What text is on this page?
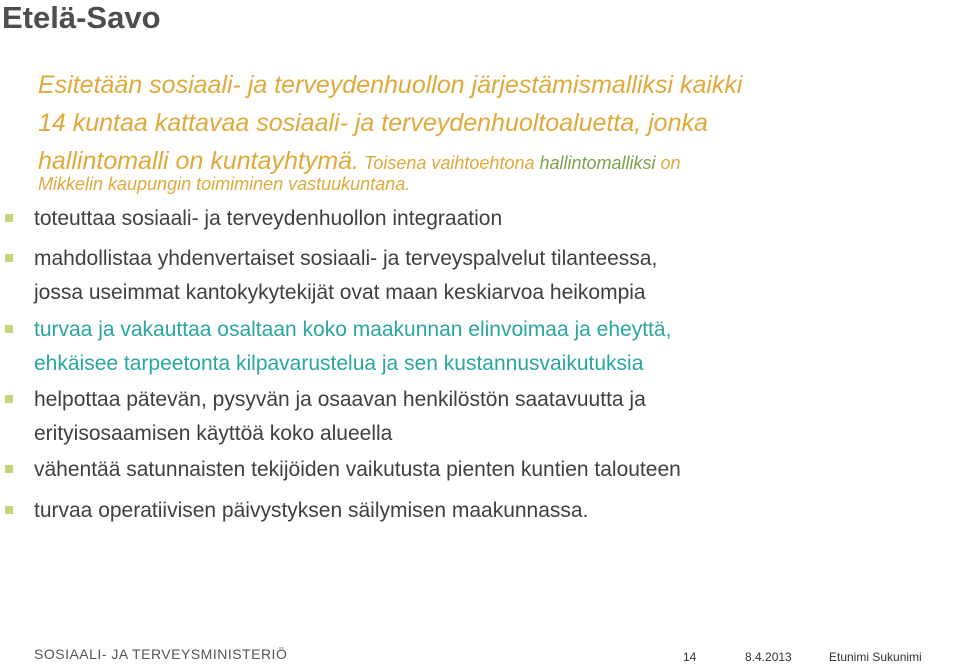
Etelä-Savo
Esitetään sosiaali- ja terveydenhuollon järjestämismalliksi kaikki
14 kuntaa kattavaa sosiaali- ja terveydenhuoltoaluetta, jonka
hallintomalli on kuntayhtymä. Toisena vaihtoehtona hallintomalliksi on
Mikkelin kaupungin toimiminen vastuukuntana.
toteuttaa sosiaali- ja terveydenhuollon integraation
mahdollistaa yhdenvertaiset sosiaali- ja terveyspalvelut tilanteessa,
jossa useimmat kantokykytekijät ovat maan keskiarvoa heikompia
turvaa ja vakauttaa osaltaan koko maakunnan elinvoimaa ja eheyttä,
ehkäisee tarpeetonta kilpavarustelua ja sen kustannusvaikutuksia
helpottaa pätevän, pysyvän ja osaavan henkilöstön saatavuutta ja
erityisosaamisen käyttöä koko alueella
vähentää satunnaisten tekijöiden vaikutusta pienten kuntien talouteen
turvaa operatiivisen päivystyksen säilymisen maakunnassa.
SOSIAALI- JA TERVEYSMINISTERIÖ	14	8.4.2013	Etunimi Sukunimi
